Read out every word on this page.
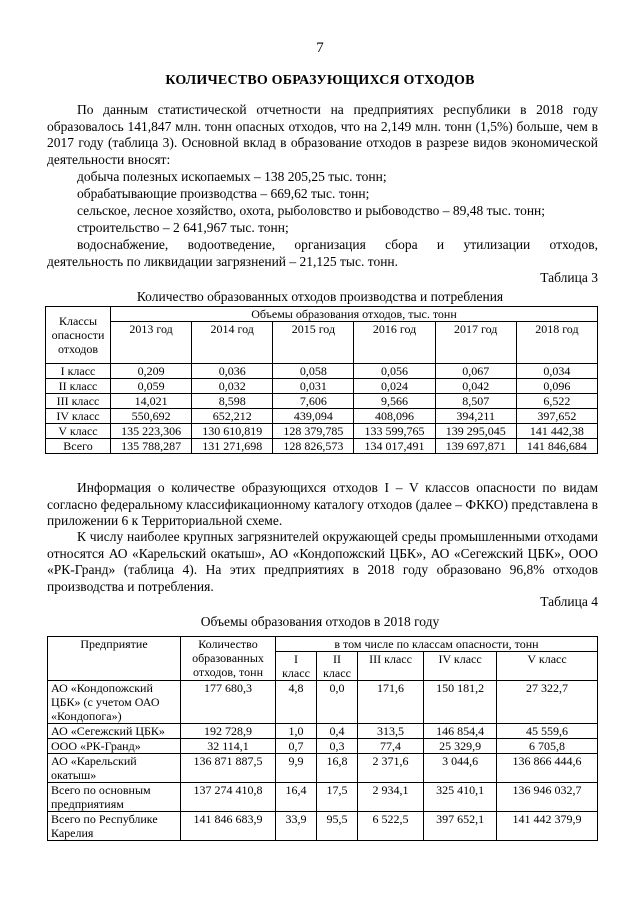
7
КОЛИЧЕСТВО ОБРАЗУЮЩИХСЯ ОТХОДОВ
По данным статистической отчетности на предприятиях республики в 2018 году образовалось 141,847 млн. тонн опасных отходов, что на 2,149 млн. тонн (1,5%) больше, чем в 2017 году (таблица 3). Основной вклад в образование отходов в разрезе видов экономической деятельности вносят:
добыча полезных ископаемых – 138 205,25 тыс. тонн;
обрабатывающие производства – 669,62 тыс. тонн;
сельское, лесное хозяйство, охота, рыболовство и рыбоводство – 89,48 тыс. тонн;
строительство – 2 641,967 тыс. тонн;
водоснабжение, водоотведение, организация сбора и утилизации отходов,
деятельность по ликвидации загрязнений – 21,125 тыс. тонн.
Таблица 3
Количество образованных отходов производства и потребления
Классы опасности отходов	Объемы образования отходов, тыс. тонн					
	2013 год	2014 год	2015 год	2016 год	2017 год	2018 год
I класс	0,209	0,036	0,058	0,056	0,067	0,034
II класс	0,059	0,032	0,031	0,024	0,042	0,096
III класс	14,021	8,598	7,606	9,566	8,507	6,522
IV класс	550,692	652,212	439,094	408,096	394,211	397,652
V класс	135 223,306	130 610,819	128 379,785	133 599,765	139 295,045	141 442,38
Всего	135 788,287	131 271,698	128 826,573	134 017,491	139 697,871	141 846,684
Информация о количестве образующихся отходов I – V классов опасности по видам согласно федеральному классификационному каталогу отходов (далее – ФККО) представлена в приложении 6 к Территориальной схеме.
К числу наиболее крупных загрязнителей окружающей среды промышленными отходами относятся АО «Карельский окатыш», АО «Кондопожский ЦБК», АО «Сегежский ЦБК», ООО «РК-Гранд» (таблица 4). На этих предприятиях в 2018 году образовано 96,8% отходов производства и потребления.
Таблица 4
Объемы образования отходов в 2018 году
Предприятие	Количество образованных отходов, тонн	в том числе по классам опасности, тонн				
		I класс	II класс	III класс	IV класс	V класс
АО «Кондопожский ЦБК» (с учетом ОАО «Кондопога»)	177 680,3	4,8	0,0	171,6	150 181,2	27 322,7
АО «Сегежский ЦБК»	192 728,9	1,0	0,4	313,5	146 854,4	45 559,6
ООО «РК-Гранд»	32 114,1	0,7	0,3	77,4	25 329,9	6 705,8
АО «Карельский окатыш»	136 871 887,5	9,9	16,8	2 371,6	3 044,6	136 866 444,6
Всего по основным предприятиям	137 274 410,8	16,4	17,5	2 934,1	325 410,1	136 946 032,7
Всего по Республике Карелия	141 846 683,9	33,9	95,5	6 522,5	397 652,1	141 442 379,9
